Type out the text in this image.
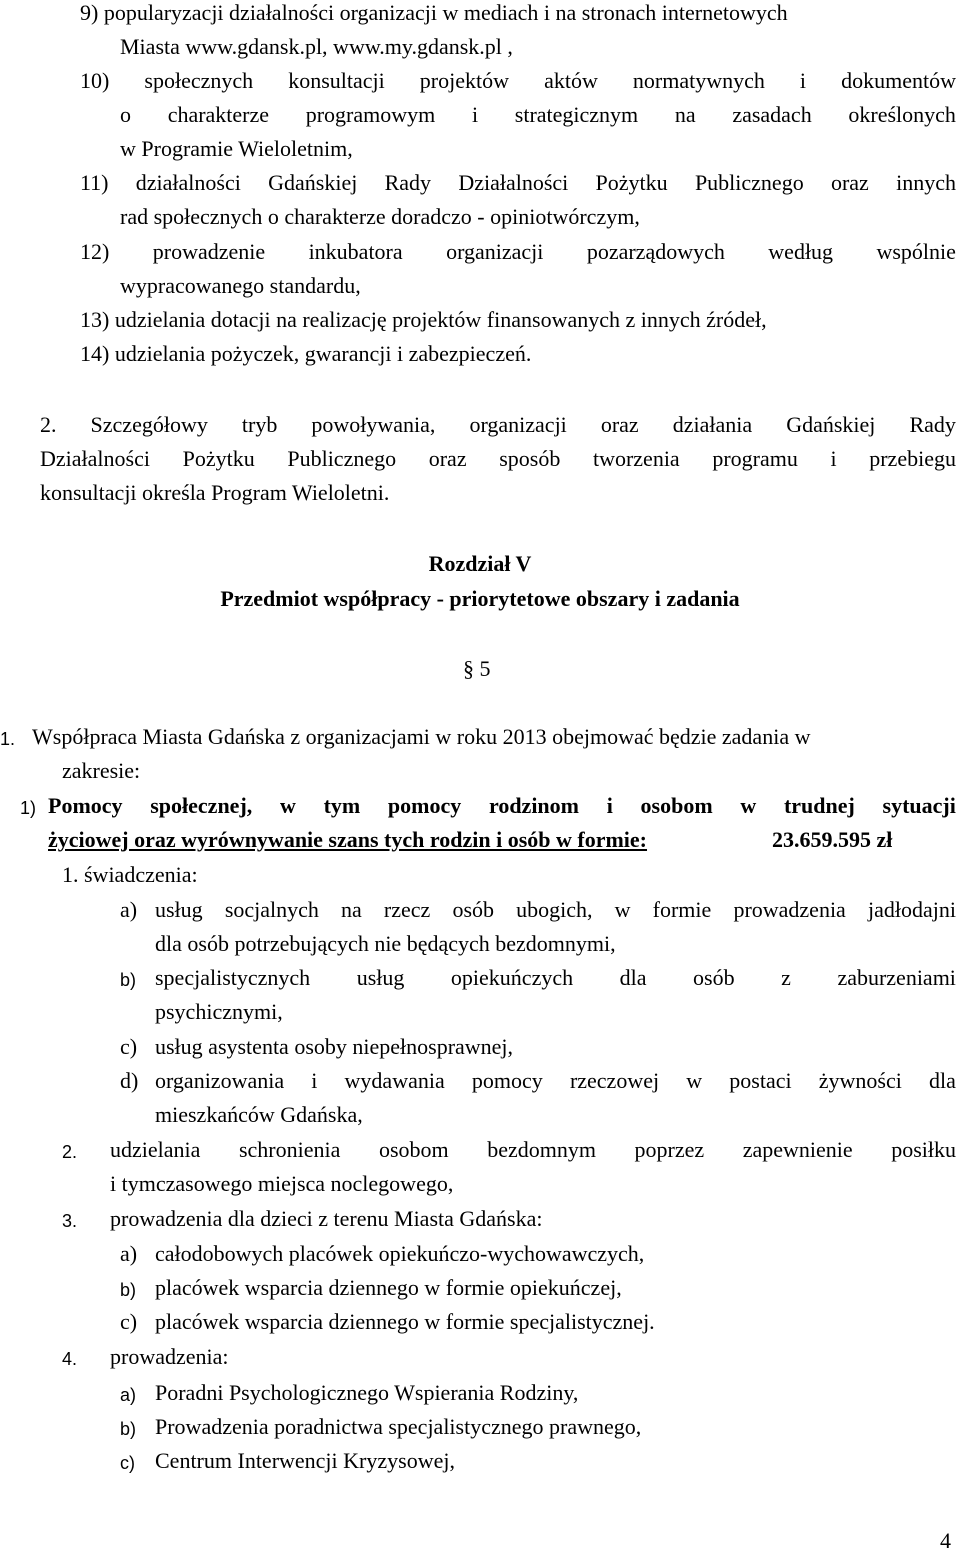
9) popularyzacji działalności organizacji w mediach i na stronach internetowych
Miasta www.gdansk.pl, www.my.gdansk.pl ,
10) społecznych konsultacji projektów aktów normatywnych i dokumentów
o charakterze programowym i strategicznym na zasadach określonych
w Programie Wieloletnim,
11) działalności Gdańskiej Rady Działalności Pożytku Publicznego oraz innych
rad społecznych o charakterze doradczo - opiniotwórczym,
12) prowadzenie inkubatora organizacji pozarządowych według wspólnie
wypracowanego standardu,
13) udzielania dotacji na realizację projektów finansowanych z innych źródeł,
14) udzielania pożyczek, gwarancji i zabezpieczeń.
2. Szczegółowy tryb powoływania, organizacji oraz działania Gdańskiej Rady
Działalności Pożytku Publicznego oraz sposób tworzenia programu i przebiegu
konsultacji określa Program Wieloletni.
Rozdział V
Przedmiot współpracy - priorytetowe obszary i zadania
§ 5
1. Współpraca Miasta Gdańska z organizacjami w roku 2013 obejmować będzie zadania w
zakresie:
1) Pomocy społecznej, w tym pomocy rodzinom i osobom w trudnej sytuacji
życiowej oraz wyrównywanie szans tych rodzin i osób w formie:	23.659.595 zł
1. świadczenia:
a) usług socjalnych na rzecz osób ubogich, w formie prowadzenia jadłodajni
dla osób potrzebujących nie będących bezdomnymi,
b) specjalistycznych usług opiekuńczych dla osób z zaburzeniami
psychicznymi,
c) usług asystenta osoby niepełnosprawnej,
d) organizowania i wydawania pomocy rzeczowej w postaci żywności dla
mieszkańców Gdańska,
2. udzielania schronienia osobom bezdomnym poprzez zapewnienie posiłku
i tymczasowego miejsca noclegowego,
3. prowadzenia dla dzieci z terenu Miasta Gdańska:
a) całodobowych placówek opiekuńczo-wychowawczych,
b) placówek wsparcia dziennego w formie opiekuńczej,
c) placówek wsparcia dziennego w formie specjalistycznej.
4. prowadzenia:
a) Poradni Psychologicznego Wspierania Rodziny,
b) Prowadzenia poradnictwa specjalistycznego prawnego,
c) Centrum Interwencji Kryzysowej,
4
